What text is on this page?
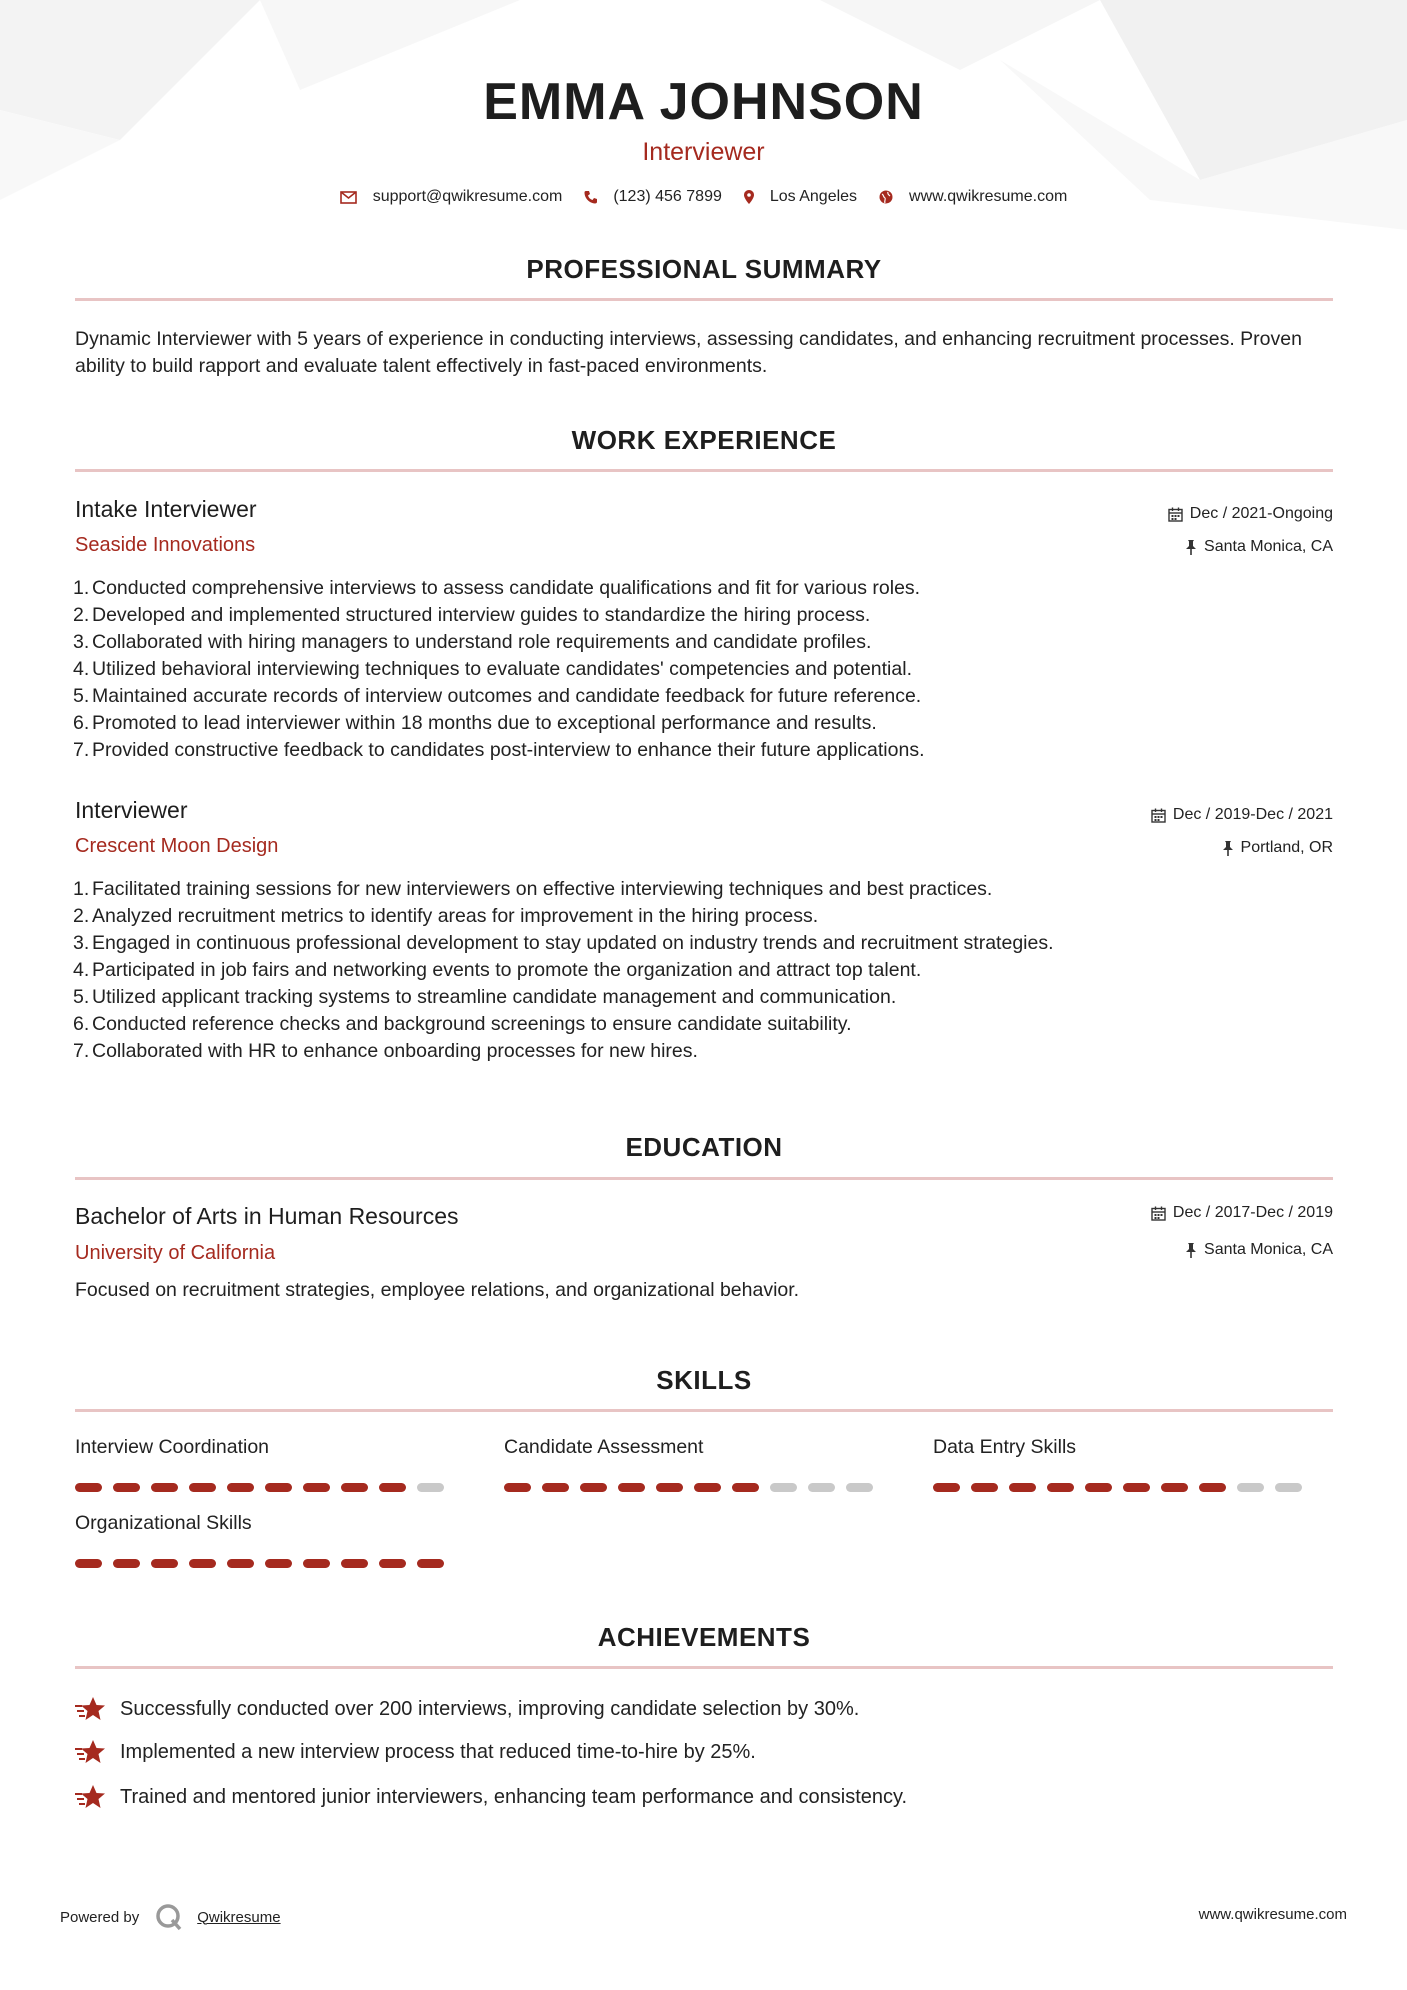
EMMA JOHNSON
Interviewer
support@qwikresume.com	(123) 456 7899	Los Angeles	www.qwikresume.com
PROFESSIONAL SUMMARY
Dynamic Interviewer with 5 years of experience in conducting interviews, assessing candidates, and enhancing recruitment processes. Proven ability to build rapport and evaluate talent effectively in fast-paced environments.
WORK EXPERIENCE
Intake Interviewer	Dec / 2021-Ongoing
Seaside Innovations	Santa Monica, CA
1. Conducted comprehensive interviews to assess candidate qualifications and fit for various roles.
2. Developed and implemented structured interview guides to standardize the hiring process.
3. Collaborated with hiring managers to understand role requirements and candidate profiles.
4. Utilized behavioral interviewing techniques to evaluate candidates' competencies and potential.
5. Maintained accurate records of interview outcomes and candidate feedback for future reference.
6. Promoted to lead interviewer within 18 months due to exceptional performance and results.
7. Provided constructive feedback to candidates post-interview to enhance their future applications.
Interviewer	Dec / 2019-Dec / 2021
Crescent Moon Design	Portland, OR
1. Facilitated training sessions for new interviewers on effective interviewing techniques and best practices.
2. Analyzed recruitment metrics to identify areas for improvement in the hiring process.
3. Engaged in continuous professional development to stay updated on industry trends and recruitment strategies.
4. Participated in job fairs and networking events to promote the organization and attract top talent.
5. Utilized applicant tracking systems to streamline candidate management and communication.
6. Conducted reference checks and background screenings to ensure candidate suitability.
7. Collaborated with HR to enhance onboarding processes for new hires.
EDUCATION
Bachelor of Arts in Human Resources	Dec / 2017-Dec / 2019
University of California	Santa Monica, CA
Focused on recruitment strategies, employee relations, and organizational behavior.
SKILLS
Interview Coordination	Candidate Assessment	Data Entry Skills
Organizational Skills
ACHIEVEMENTS
Successfully conducted over 200 interviews, improving candidate selection by 30%.
Implemented a new interview process that reduced time-to-hire by 25%.
Trained and mentored junior interviewers, enhancing team performance and consistency.
Powered by	Qwikresume	www.qwikresume.com
